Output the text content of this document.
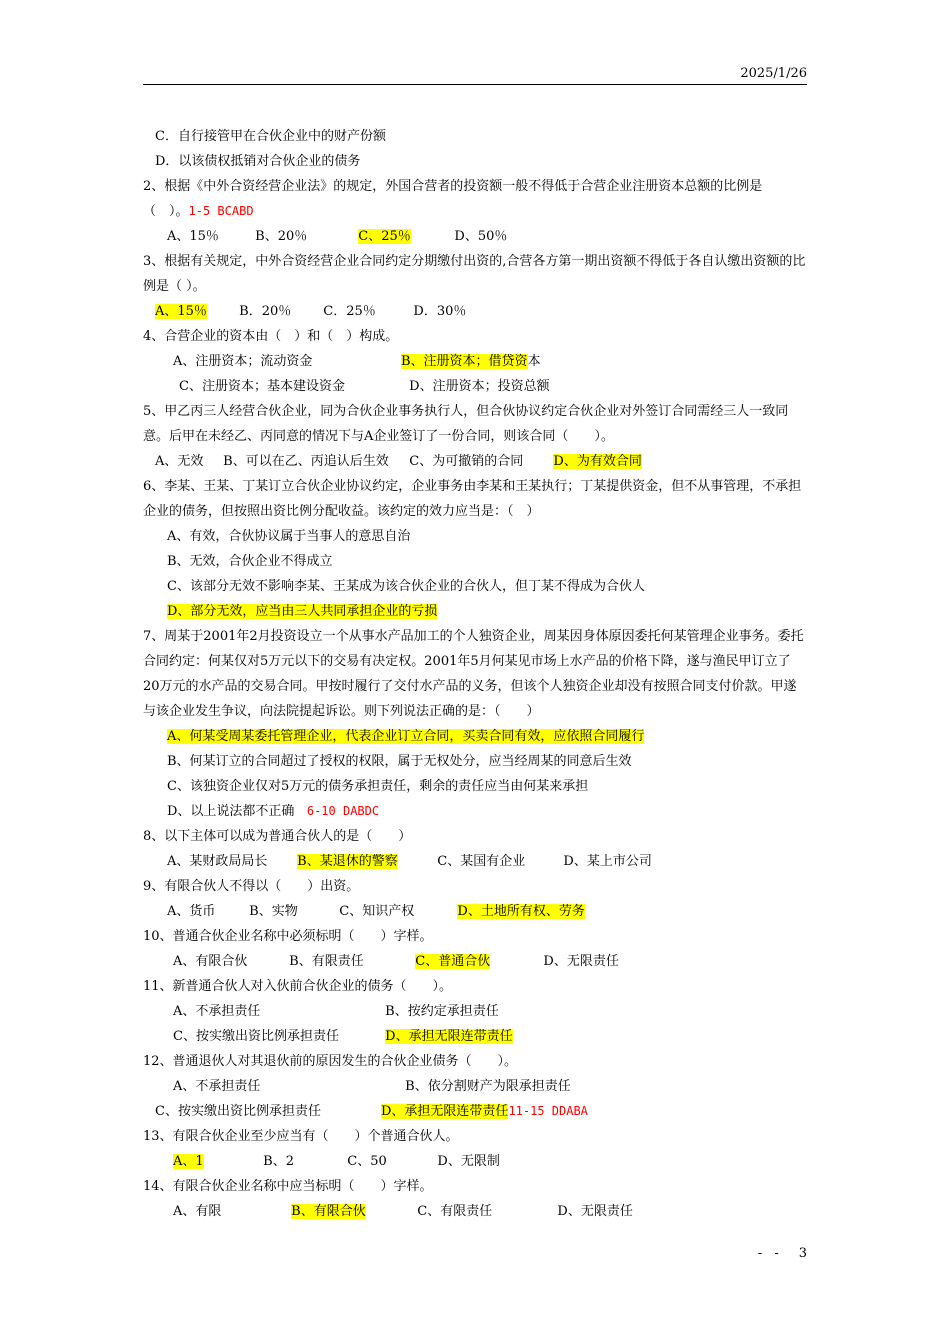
2025/1/26
C．自行接管甲在合伙企业中的财产份额
D．以该债权抵销对合伙企业的债务
2、根据《中外合资经营企业法》的规定，外国合营者的投资额一般不得低于合营企业注册资本总额的比例是（　）。1-5 BCABD
A、15％	B、20％	C、25％	D、50％
3、根据有关规定，中外合资经营企业合同约定分期缴付出资的,合营各方第一期出资额不得低于各自认缴出资额的比例是（ ）。
A、15％ B．20％ C．25％	D．30％
4、合营企业的资本由（　）和（　）构成。
A、注册资本；流动资金	B、注册资本；借贷资本
C、注册资本；基本建设资金	D、注册资本；投资总额
5、甲乙丙三人经营合伙企业，同为合伙企业事务执行人，但合伙协议约定合伙企业对外签订合同需经三人一致同意。后甲在未经乙、丙同意的情况下与A企业签订了一份合同，则该合同（　　）。
A、无效 B、可以在乙、丙追认后生效 C、为可撤销的合同 D、为有效合同
6、李某、王某、丁某订立合伙企业协议约定，企业事务由李某和王某执行；丁某提供资金，但不从事管理，不承担企业的债务，但按照出资比例分配收益。该约定的效力应当是：（　）
A、有效，合伙协议属于当事人的意思自治
B、无效，合伙企业不得成立
C、该部分无效不影响李某、王某成为该合伙企业的合伙人，但丁某不得成为合伙人
D、部分无效，应当由三人共同承担企业的亏损
7、周某于2001年2月投资设立一个从事水产品加工的个人独资企业，周某因身体原因委托何某管理企业事务。委托合同约定：何某仅对5万元以下的交易有决定权。2001年5月何某见市场上水产品的价格下降，遂与渔民甲订立了20万元的水产品的交易合同。甲按时履行了交付水产品的义务，但该个人独资企业却没有按照合同支付价款。甲遂与该企业发生争议，向法院提起诉讼。则下列说法正确的是：（　　）
A、何某受周某委托管理企业，代表企业订立合同，买卖合同有效，应依照合同履行
B、何某订立的合同超过了授权的权限，属于无权处分，应当经周某的同意后生效
C、该独资企业仅对5万元的债务承担责任，剩余的责任应当由何某来承担
D、以上说法都不正确 6-10 DABDC
8、以下主体可以成为普通合伙人的是（　　）
A、某财政局局长 B、某退休的警察	C、某国有企业	D、某上市公司
9、有限合伙人不得以（　　）出资。
A、货币	B、实物	C、知识产权	D、土地所有权、劳务
10、普通合伙企业名称中必须标明（　　）字样。
A、有限合伙	B、有限责任	C、普通合伙	D、无限责任
11、新普通合伙人对入伙前合伙企业的债务（　　）。
A、不承担责任	B、按约定承担责任
C、按实缴出资比例承担责任	D、承担无限连带责任
12、普通退伙人对其退伙前的原因发生的合伙企业债务（　　）。
A、不承担责任	B、依分割财产为限承担责任
C、按实缴出资比例承担责任	D、承担无限连带责任11-15 DDABA
13、有限合伙企业至少应当有（　　）个普通合伙人。
A、1	B、2	C、50	D、无限制
14、有限合伙企业名称中应当标明（　　）字样。
A、有限	B、有限合伙	C、有限责任	D、无限责任
- - 3
